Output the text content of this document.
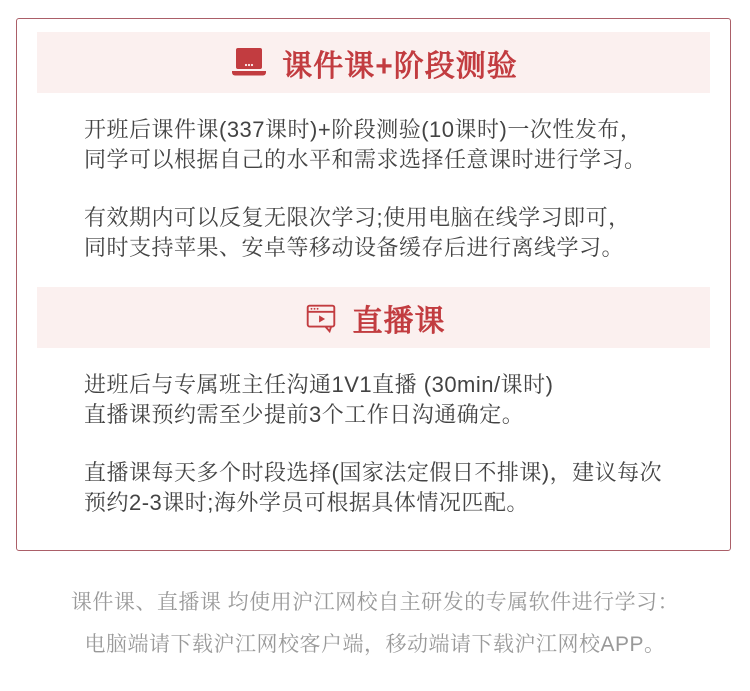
课件课+阶段测验

开班后课件课(337课时)+阶段测验(10课时)一次性发布，
同学可以根据自己的水平和需求选择任意课时进行学习。

有效期内可以反复无限次学习;使用电脑在线学习即可，
同时支持苹果、安卓等移动设备缓存后进行离线学习。

直播课

进班后与专属班主任沟通1V1直播 (30min/课时)
直播课预约需至少提前3个工作日沟通确定。

直播课每天多个时段选择(国家法定假日不排课)，建议每次
预约2-3课时;海外学员可根据具体情况匹配。

课件课、直播课 均使用沪江网校自主研发的专属软件进行学习：
电脑端请下载沪江网校客户端，移动端请下载沪江网校APP。
